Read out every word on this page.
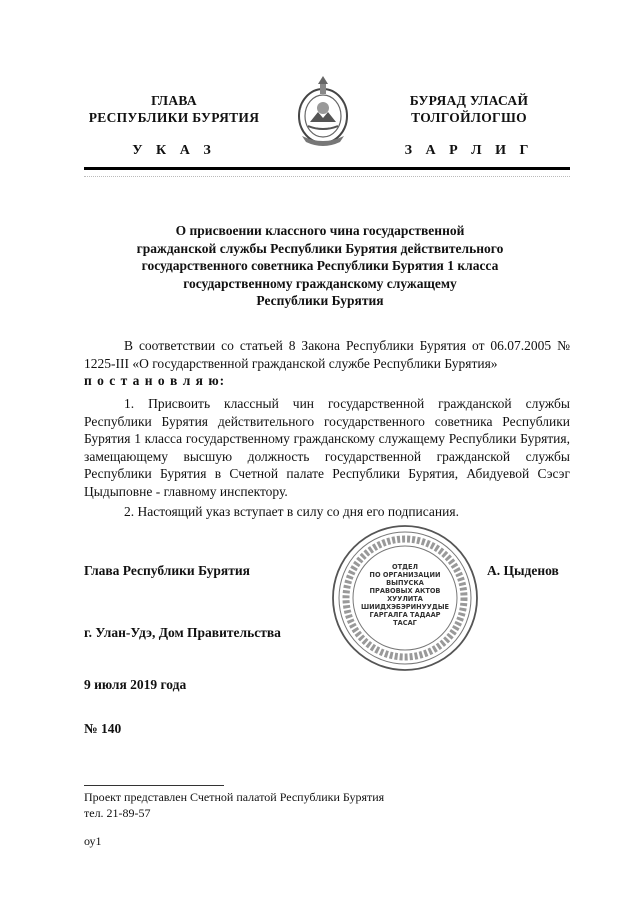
ГЛАВА
РЕСПУБЛИКИ БУРЯТИЯ
БУРЯАД УЛАСАЙ
ТОЛГОЙЛОГШО
У К А З	З А Р Л И Г
О присвоении классного чина государственной
гражданской службы Республики Бурятия действительного
государственного советника Республики Бурятия 1 класса
государственному гражданскому служащему
Республики Бурятия
В соответствии со статьей 8 Закона Республики Бурятия от 06.07.2005 № 1225-III «О государственной гражданской службе Республики Бурятия»
п о с т а н о в л я ю:
1. Присвоить классный чин государственной гражданской службы Республики Бурятия действительного государственного советника Республики Бурятия 1 класса государственному гражданскому служащему Республики Бурятия, замещающему высшую должность государственной гражданской службы Республики Бурятия в Счетной палате Республики Бурятия, Абидуевой Сэсэг Цыдыповне - главному инспектору.
2. Настоящий указ вступает в силу со дня его подписания.
Глава Республики Бурятия	А. Цыденов
ОТДЕЛ
ПО ОРГАНИЗАЦИИ
ВЫПУСКА
ПРАВОВЫХ АКТОВ
ХУУЛИТА
ШИИДХЭБЭРИНУУДЫЕ
ГАРГАЛГА ТАДААР
ТАСАГ
г. Улан-Удэ, Дом Правительства
9 июля 2019 года
№ 140
Проект представлен Счетной палатой Республики Бурятия
тел. 21-89-57
оу1
